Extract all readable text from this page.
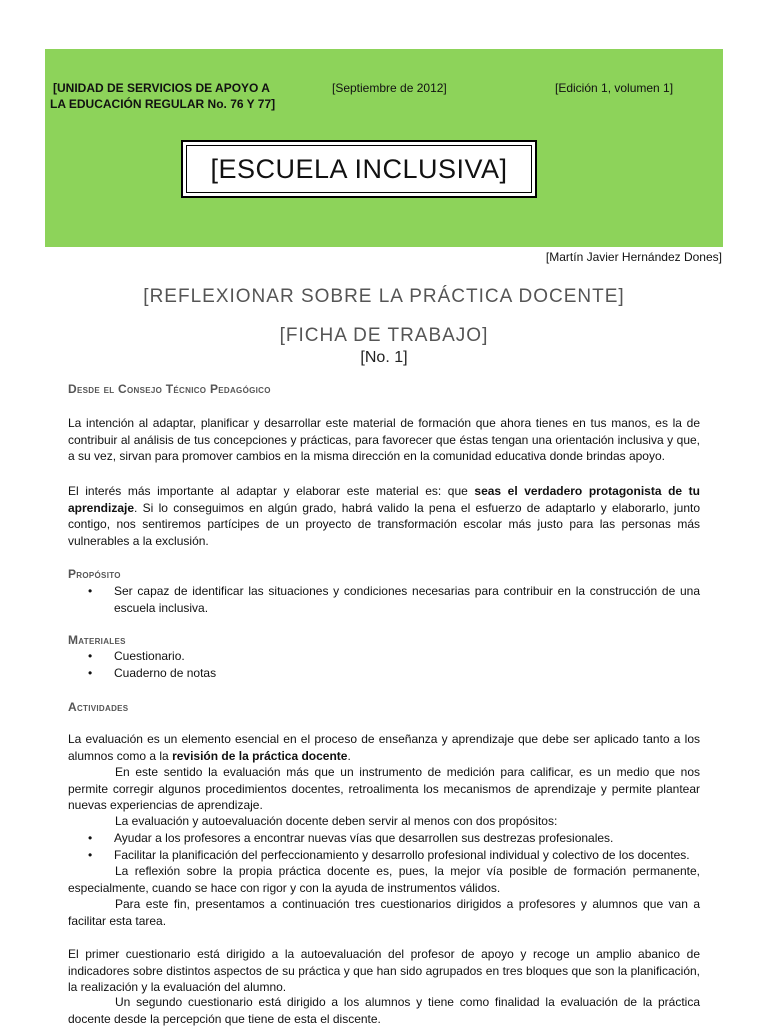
[UNIDAD DE SERVICIOS DE APOYO A
LA EDUCACIÓN REGULAR No. 76 Y 77]
[Septiembre de 2012]	[Edición 1, volumen 1]
[ESCUELA INCLUSIVA]
[Martín Javier Hernández Dones]
[REFLEXIONAR SOBRE LA PRÁCTICA DOCENTE]
[FICHA DE TRABAJO]
[No. 1]
Desde el Consejo Técnico Pedagógico
La intención al adaptar, planificar y desarrollar este material de formación que ahora tienes en tus manos, es la de contribuir al análisis de tus concepciones y prácticas, para favorecer que éstas tengan una orientación inclusiva y que, a su vez, sirvan para promover cambios en la misma dirección en la comunidad educativa donde brindas apoyo.
El interés más importante al adaptar y elaborar este material es: que seas el verdadero protagonista de tu aprendizaje. Si lo conseguimos en algún grado, habrá valido la pena el esfuerzo de adaptarlo y elaborarlo, junto contigo, nos sentiremos partícipes de un proyecto de transformación escolar más justo para las personas más vulnerables a la exclusión.
Propósito
• Ser capaz de identificar las situaciones y condiciones necesarias para contribuir en la construcción de una escuela inclusiva.
Materiales
• Cuestionario.
• Cuaderno de notas
Actividades
La evaluación es un elemento esencial en el proceso de enseñanza y aprendizaje que debe ser aplicado tanto a los alumnos como a la revisión de la práctica docente.
En este sentido la evaluación más que un instrumento de medición para calificar, es un medio que nos permite corregir algunos procedimientos docentes, retroalimenta los mecanismos de aprendizaje y permite plantear nuevas experiencias de aprendizaje.
La evaluación y autoevaluación docente deben servir al menos con dos propósitos:
• Ayudar a los profesores a encontrar nuevas vías que desarrollen sus destrezas profesionales.
• Facilitar la planificación del perfeccionamiento y desarrollo profesional individual y colectivo de los docentes.
La reflexión sobre la propia práctica docente es, pues, la mejor vía posible de formación permanente, especialmente, cuando se hace con rigor y con la ayuda de instrumentos válidos.
Para este fin, presentamos a continuación tres cuestionarios dirigidos a profesores y alumnos que van a facilitar esta tarea.
El primer cuestionario está dirigido a la autoevaluación del profesor de apoyo y recoge un amplio abanico de indicadores sobre distintos aspectos de su práctica y que han sido agrupados en tres bloques que son la planificación, la realización y la evaluación del alumno.
Un segundo cuestionario está dirigido a los alumnos y tiene como finalidad la evaluación de la práctica docente desde la percepción que tiene de esta el discente.
